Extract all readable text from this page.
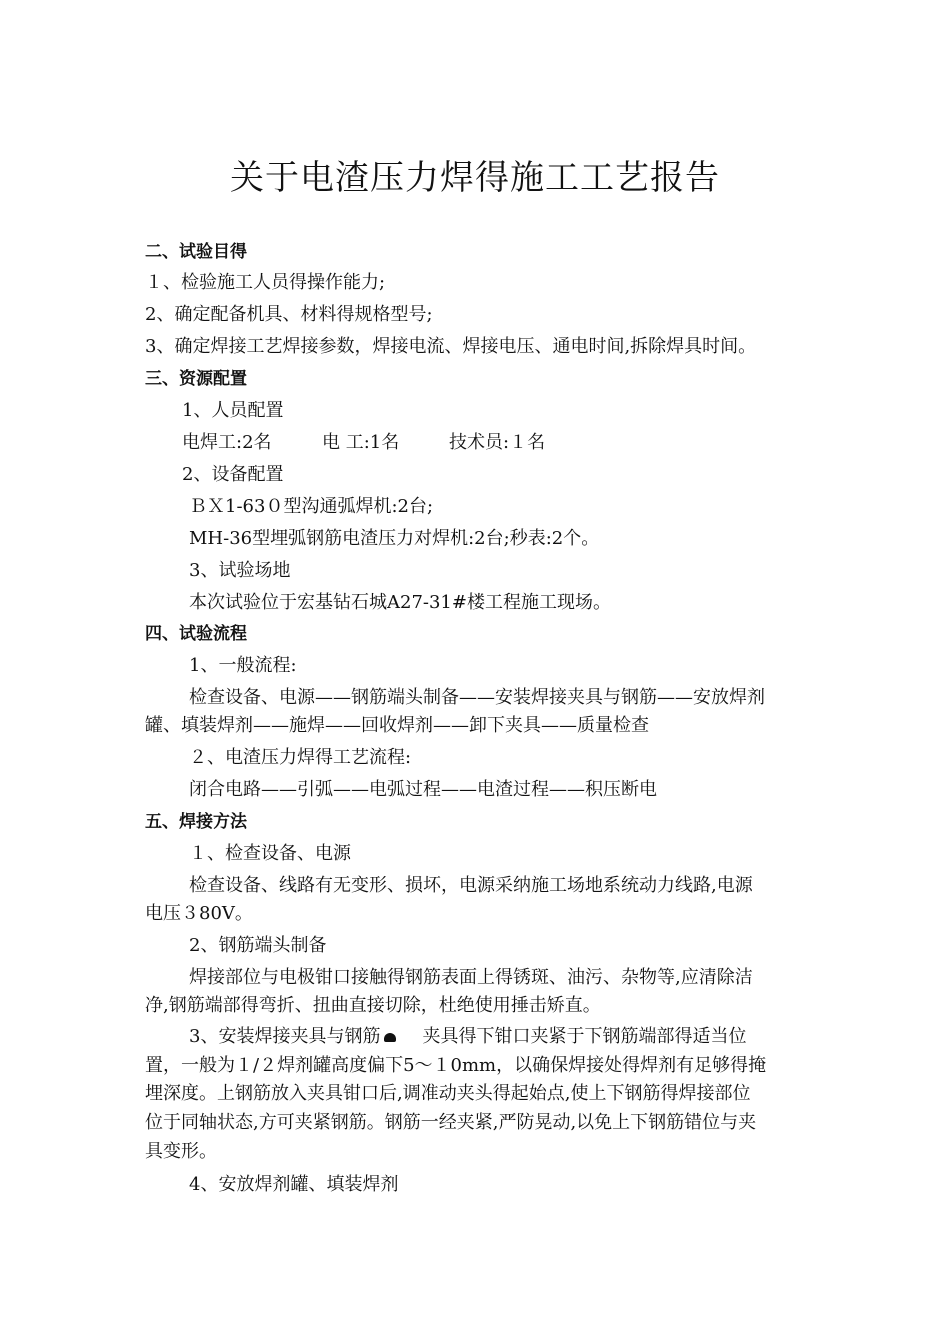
关于电渣压力焊得施工工艺报告
二、试验目得
１、检验施工人员得操作能力;
2、确定配备机具、材料得规格型号;
3、确定焊接工艺焊接参数，焊接电流、焊接电压、通电时间,拆除焊具时间。
三、资源配置
1、人员配置
电焊工:2名	电 工:1名	技术员:１名
2、设备配置
ＢＸ1-63０型沟通弧焊机:2台;
MH-36型埋弧钢筋电渣压力对焊机:2台;秒表:2个。
3、试验场地
本次试验位于宏基钻石城A27-31#楼工程施工现场。
四、试验流程
1、一般流程:
检查设备、电源——钢筋端头制备——安装焊接夹具与钢筋——安放焊剂
罐、填装焊剂——施焊——回收焊剂——卸下夹具——质量检查
２、电渣压力焊得工艺流程:
闭合电路——引弧——电弧过程——电渣过程——积压断电
五、焊接方法
１、检查设备、电源
检查设备、线路有无变形、损坏，电源采纳施工场地系统动力线路,电源
电压３80V。
2、钢筋端头制备
焊接部位与电极钳口接触得钢筋表面上得锈斑、油污、杂物等,应清除洁
净,钢筋端部得弯折、扭曲直接切除，杜绝使用捶击矫直。
3、安装焊接夹具与钢筋 夹具得下钳口夹紧于下钢筋端部得适当位
置，一般为１/２焊剂罐高度偏下5～１0mm，以确保焊接处得焊剂有足够得掩
埋深度。上钢筋放入夹具钳口后,调准动夹头得起始点,使上下钢筋得焊接部位
位于同轴状态,方可夹紧钢筋。钢筋一经夹紧,严防晃动,以免上下钢筋错位与夹
具变形。
4、安放焊剂罐、填装焊剂
